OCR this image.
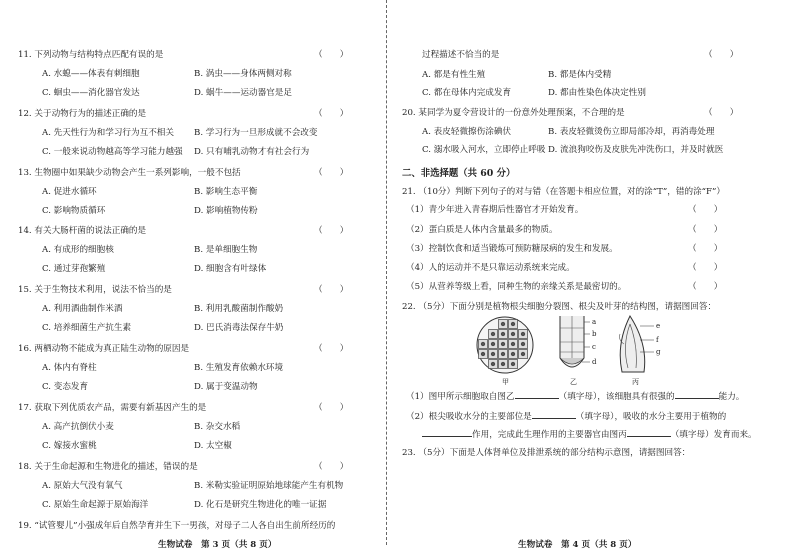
11. 下列动物与结构特点匹配有误的是	（　　）
A. 水螅——体表有刺细胞	B. 涡虫——身体两侧对称
C. 蛔虫——消化器官发达	D. 蜗牛——运动器官是足
12. 关于动物行为的描述正确的是	（　　）
A. 先天性行为和学习行为互不相关 B. 学习行为一旦形成就不会改变
C. 一般来说动物越高等学习能力越强 D. 只有哺乳动物才有社会行为
13. 生物圈中如果缺少动物会产生一系列影响，一般不包括	（　　）
A. 促进水循环	B. 影响生态平衡
C. 影响物质循环	D. 影响植物传粉
14. 有关大肠杆菌的说法正确的是	（　　）
A. 有成形的细胞核	B. 是单细胞生物
C. 通过芽孢繁殖	D. 细胞含有叶绿体
15. 关于生物技术利用，说法不恰当的是	（　　）
A. 利用酒曲制作米酒	B. 利用乳酸菌制作酸奶
C. 培养细菌生产抗生素	D. 巴氏消毒法保存牛奶
16. 两栖动物不能成为真正陆生动物的原因是	（　　）
A. 体内有脊柱	B. 生殖发育依赖水环境
C. 变态发育	D. 属于变温动物
17. 获取下列优质农产品，需要有新基因产生的是	（　　）
A. 高产抗倒伏小麦	B. 杂交水稻
C. 嫁接水蜜桃	D. 太空椒
18. 关于生命起源和生物进化的描述，错误的是	（　　）
A. 原始大气没有氧气	B. 米勒实验证明原始地球能产生有机物
C. 原始生命起源于原始海洋	D. 化石是研究生物进化的唯一证据
19. “试管婴儿”小强成年后自然孕育并生下一男孩，对母子二人各自出生前所经历的
生物试卷　第 3 页（共 8 页）
过程描述不恰当的是	（　　）
A. 都是有性生殖	B. 都是体内受精
C. 都在母体内完成发育	D. 都由性染色体决定性别
20. 某同学为夏令营设计的一份意外处理预案，不合理的是	（　　）
A. 表皮轻微擦伤涂碘伏	B. 表皮轻微烫伤立即局部冷却，再消毒处理
C. 溺水吸入河水，立即停止呼吸 D. 流浪狗咬伤及皮肤先冲洗伤口，并及时就医
二、非选择题（共 60 分）
21. （10分）判断下列句子的对与错（在答题卡相应位置，对的涂“T”，错的涂“F”）
（1）青少年进入青春期后性器官才开始发育。	（　　）
（2）蛋白质是人体内含量最多的物质。	（　　）
（3）控制饮食和适当锻炼可预防糖尿病的发生和发展。	（　　）
（4）人的运动并不是只靠运动系统来完成。	（　　）
（5）从营养等级上看，同种生物的亲缘关系是最密切的。	（　　）
22. （5分）下面分别是植物根尖细胞分裂图、根尖及叶芽的结构图，请据图回答：
甲
a
b
c
d
乙
e
f
g
丙
（1）图甲所示细胞取自图乙	（填字母），该细胞具有很强的	能力。
（2）根尖吸收水分的主要部位是	（填字母），吸收的水分主要用于植物的
作用，完成此生理作用的主要器官由图丙	（填字母）发育而来。
23. （5分）下面是人体肾单位及排泄系统的部分结构示意图，请据图回答：
生物试卷　第 4 页（共 8 页）
